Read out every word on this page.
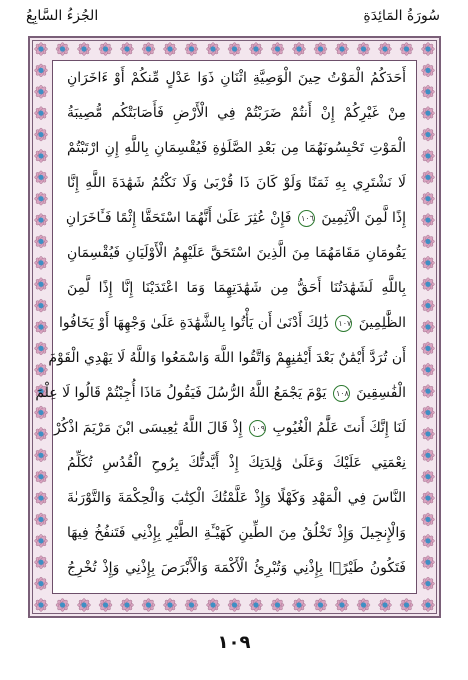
سُورَةُ المَائِدَةِ
الجُزءُ السَّابِعُ
أَحَدَكُمُ الْمَوْتُ حِينَ الْوَصِيَّةِ اثْنَانِ ذَوَا عَدْلٍ مِّنكُمْ أَوْ ءَاخَرَانِ
مِنْ غَيْرِكُمْ إِنْ أَنتُمْ ضَرَبْتُمْ فِي الْأَرْضِ فَأَصَابَتْكُم مُّصِيبَةُ
الْمَوْتِ تَحْبِسُونَهُمَا مِن بَعْدِ الصَّلَوٰةِ فَيُقْسِمَانِ بِاللَّهِ إِنِ ارْتَبْتُمْ
لَا نَشْتَرِي بِهِ ثَمَنًا وَلَوْ كَانَ ذَا قُرْبَىٰ وَلَا نَكْتُمُ شَهَٰدَةَ اللَّهِ إِنَّا
إِذًا لَّمِنَ الْآثِمِينَ ١٠٦ فَإِنْ عُثِرَ عَلَىٰ أَنَّهُمَا اسْتَحَقَّا إِثْمًا فَـَٔاخَرَانِ
يَقُومَانِ مَقَامَهُمَا مِنَ الَّذِينَ اسْتَحَقَّ عَلَيْهِمُ الْأَوْلَيَانِ فَيُقْسِمَانِ
بِاللَّهِ لَشَهَٰدَتُنَا أَحَقُّ مِن شَهَٰدَتِهِمَا وَمَا اعْتَدَيْنَا إِنَّا إِذًا لَّمِنَ
الظَّٰلِمِينَ ١٠٧ ذَٰلِكَ أَدْنَىٰ أَن يَأْتُوا بِالشَّهَٰدَةِ عَلَىٰ وَجْهِهَا أَوْ يَخَافُوا
أَن تُرَدَّ أَيْمَٰنٌ بَعْدَ أَيْمَٰنِهِمْ وَاتَّقُوا اللَّهَ وَاسْمَعُوا وَاللَّهُ لَا يَهْدِي الْقَوْمَ
الْفَٰسِقِينَ ١٠٨ يَوْمَ يَجْمَعُ اللَّهُ الرُّسُلَ فَيَقُولُ مَاذَا أُجِبْتُمْ قَالُوا لَا عِلْمَ
لَنَا إِنَّكَ أَنتَ عَلَّٰمُ الْغُيُوبِ ١٠٩ إِذْ قَالَ اللَّهُ يَٰعِيسَى ابْنَ مَرْيَمَ اذْكُرْ
نِعْمَتِي عَلَيْكَ وَعَلَىٰ وَٰلِدَتِكَ إِذْ أَيَّدتُّكَ بِرُوحِ الْقُدُسِ تُكَلِّمُ
النَّاسَ فِي الْمَهْدِ وَكَهْلًا وَإِذْ عَلَّمْتُكَ الْكِتَٰبَ وَالْحِكْمَةَ وَالتَّوْرَىٰةَ
وَالْإِنجِيلَ وَإِذْ تَخْلُقُ مِنَ الطِّينِ كَهَيْـَٔةِ الطَّيْرِ بِإِذْنِي فَتَنفُخُ فِيهَا
فَتَكُونُ طَيْرًۢا بِإِذْنِي وَتُبْرِئُ الْأَكْمَهَ وَالْأَبْرَصَ بِإِذْنِي وَإِذْ تُخْرِجُ
١٠٩
